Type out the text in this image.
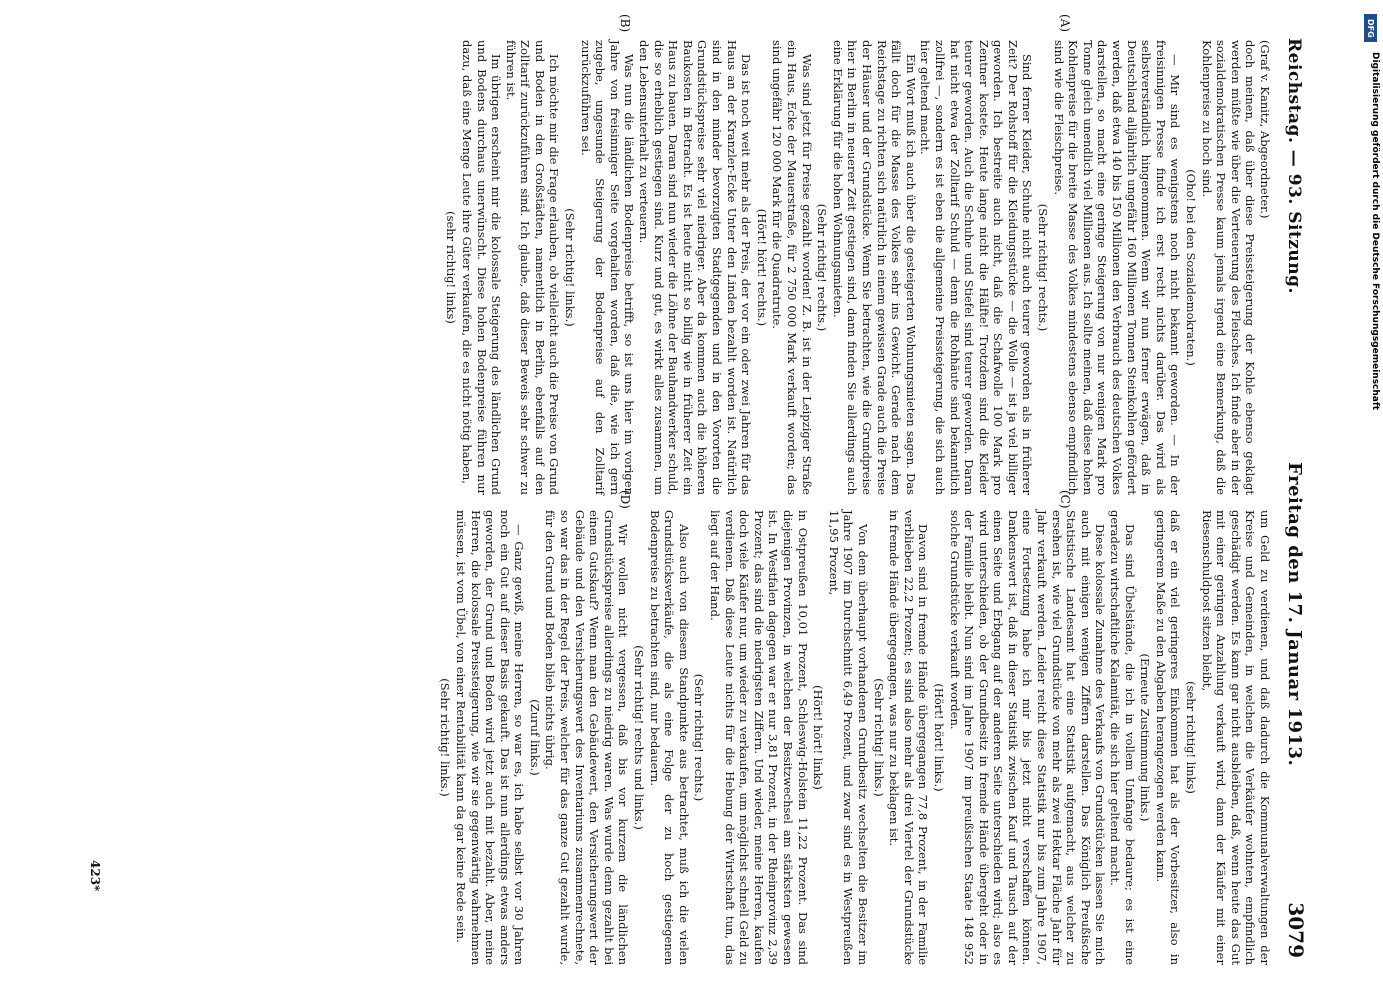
Reichstag. — 93. Sitzung.
Freitag den 17. Januar 1913.
3079
(A)
(B)
(C)
(D)

(Graf v. Kanitz, Abgeordneter.)

doch meinen, daß über diese Preissteigerung der Kohle ebenso geklagt werden müßte wie über die Verteuerung des Fleisches. Ich finde aber in der sozialdemokratischen Presse kaum jemals irgend eine Bemerkung, daß die Kohlenpreise zu hoch sind.

(Oho! bei den Sozialdemokraten.)

— Mir sind es wenigstens noch nicht bekannt geworden. — In der freisinnigen Presse finde ich erst recht nichts darüber. Das wird als selbstverständlich hingenommen. Wenn wir nun ferner erwägen, daß in Deutschland alljährlich ungefähr 160 Millionen Tonnen Steinkohlen gefördert werden, daß etwa 140 bis 150 Millionen den Verbrauch des deutschen Volkes darstellen, so macht eine geringe Steigerung von nur wenigen Mark pro Tonne gleich unendlich viel Millionen aus. Ich sollte meinen, daß diese hohen Kohlenpreise für die breite Masse des Volkes mindestens ebenso empfindlich sind wie die Fleischpreise.

(Sehr richtig! rechts.)

Sind ferner Kleider, Schuhe nicht auch teurer geworden als in früherer Zeit? Der Rohstoff für die Kleidungsstücke — die Wolle — ist ja viel billiger geworden. Ich bestreite auch nicht, daß die Schafwolle 100 Mark pro Zentner kostete. Heute lange nicht die Hälfte! Trotzdem sind die Kleider teurer geworden. Auch die Schuhe und Stiefel sind teurer geworden. Daran hat nicht etwa der Zolltarif Schuld — denn die Rohhäute sind bekanntlich zollfrei —, sondern es ist eben die allgemeine Preissteigerung, die sich auch hier geltend macht.

Ein Wort muß ich auch über die gesteigerten Wohnungsmieten sagen. Das fällt doch für die Masse des Volkes sehr ins Gewicht. Gerade nach dem Reichstage zu richten sich natürlich in einem gewissen Grade auch die Preise der Häuser und der Grundstücke. Wenn Sie betrachten, wie die Grundpreise hier in Berlin in neuerer Zeit gestiegen sind, dann finden Sie allerdings auch eine Erklärung für die hohen Wohnungsmieten.

(Sehr richtig! rechts.)

Was sind jetzt für Preise gezahlt worden! Z. B. ist in der Leipziger Straße ein Haus, Ecke der Mauerstraße, für 2 750 000 Mark verkauft worden; das sind ungefähr 120 000 Mark für die Quadratrute.

(Hört! hört! rechts.)

Das ist noch weit mehr als der Preis, der vor ein oder zwei Jahren für das Haus an der Kranzler-Ecke Unter den Linden bezahlt worden ist. Natürlich sind in den minder bevorzugten Stadtgegenden und in den Vororten die Grundstückspreise sehr viel niedriger. Aber da kommen auch die höheren Baukosten in Betracht. Es ist heute nicht so billig wie in früherer Zeit ein Haus zu bauen. Daran sind nun wieder die Löhne der Bauhandwerker schuld, die so erheblich gestiegen sind. Kurz und gut, es wirkt alles zusammen, um den Lebensunterhalt zu verteuern.

Was nun die ländlichen Bodenpreise betrifft, so ist uns hier im vorigen Jahre von freisinniger Seite vorgehalten worden, daß die, wie ich gern zugebe, ungesunde Steigerung der Bodenpreise auf den Zolltarif zurückzuführen sei.

(Sehr richtig! links.)

Ich möchte mir die Frage erlauben, ob vielleicht auch die Preise von Grund und Boden in den Großstädten, namentlich in Berlin, ebenfalls auf den Zolltarif zurückzuführen sind. Ich glaube, daß dieser Beweis sehr schwer zu führen ist.

Im übrigen erscheint mir die kolossale Steigerung des ländlichen Grund und Bodens durchaus unerwünscht. Diese hohen Bodenpreise führen nur dazu, daß eine Menge Leute ihre Güter verkaufen, die es nicht nötig haben,

(sehr richtig! links)

um Geld zu verdienen, und daß dadurch die Kommunalverwaltungen der Kreise und Gemeinden, in welchen die Verkäufer wohnten, empfindlich geschädigt werden. Es kann gar nicht ausbleiben, daß, wenn heute das Gut mit einer geringen Anzahlung verkauft wird, dann der Käufer mit einer Riesenschuldpost sitzen bleibt,

(sehr richtig! links)

daß er ein viel geringeres Einkommen hat als der Vorbesitzer, also in geringerem Maße zu den Abgaben herangezogen werden kann.

(Erneute Zustimmung links.)

Das sind Übelstände, die ich in vollem Umfange bedaure; es ist eine geradezu wirtschaftliche Kalamität, die sich hier geltend macht.

Diese kolossale Zunahme des Verkaufs von Grundstücken lassen Sie mich auch mit einigen wenigen Ziffern darstellen. Das Königlich Preußische Statistische Landesamt hat eine Statistik aufgemacht, aus welcher zu ersehen ist, wie viel Grundstücke von mehr als zwei Hektar Fläche Jahr für Jahr verkauft werden. Leider reicht diese Statistik nur bis zum Jahre 1907, eine Fortsetzung habe ich mir bis jetzt nicht verschaffen können. Dankenswert ist, daß in dieser Statistik zwischen Kauf und Tausch auf der einen Seite und Erbgang auf der anderen Seite unterschieden wird; also es wird unterschieden, ob der Grundbesitz in fremde Hände übergeht oder in der Familie bleibt. Nun sind im Jahre 1907 im preußischen Staate 148 952 solche Grundstücke verkauft worden.

(Hört! hört! links.)

Davon sind in fremde Hände übergegangen 77,8 Prozent, in der Familie verblieben 22,2 Prozent; es sind also mehr als drei Viertel der Grundstücke in fremde Hände übergegangen, was nur zu beklagen ist.

(Sehr richtig! links.)

Von dem überhaupt vorhandenen Grundbesitz wechselten die Besitzer im Jahre 1907 im Durchschnitt 6,49 Prozent, und zwar sind es in Westpreußen 11,95 Prozent,

(Hört! hört! links)

in Ostpreußen 10,01 Prozent, Schleswig-Holstein 11,22 Prozent. Das sind diejenigen Provinzen, in welchen der Besitzwechsel am stärksten gewesen ist. In Westfalen dagegen war er nur 3,81 Prozent, in der Rheinprovinz 2,39 Prozent; das sind die niedrigsten Ziffern. Und wieder, meine Herren, kaufen doch viele Käufer nur, um wieder zu verkaufen, um möglichst schnell Geld zu verdienen. Daß diese Leute nichts für die Hebung der Wirtschaft tun, das liegt auf der Hand.

(Sehr richtig! rechts.)

Also auch von diesem Standpunkte aus betrachtet, muß ich die vielen Grundstücksverkäufe, die als eine Folge der zu hoch gestiegenen Bodenpreise zu betrachten sind, nur bedauern.

(Sehr richtig! rechts und links.)

Wir wollen nicht vergessen, daß bis vor kurzem die ländlichen Grundstückspreise allerdings zu niedrig waren. Was wurde denn gezahlt bei einem Gutskauf? Wenn man den Gebäudewert, den Versicherungswert der Gebäude und den Versicherungswert des Inventariums zusammenrechnete, so war das in der Regel der Preis, welcher für das ganze Gut gezahlt wurde, für den Grund und Boden blieb nichts übrig.

(Zuruf links.)

— Ganz gewiß, meine Herren, so war es, ich habe selbst vor 30 Jahren noch ein Gut auf dieser Basis gekauft. Das ist nun allerdings etwas anders geworden, der Grund und Boden wird jetzt auch mit bezahlt. Aber, meine Herren, die kolossale Preissteigerung, wie wir sie gegenwärtig wahrnehmen müssen, ist vom Übel, von einer Rentabilität kann da gar keine Rede sein.

(Sehr richtig! links.)

423*
DFG
Digitalisierung gefördert durch die Deutsche Forschungsgemeinschaft
